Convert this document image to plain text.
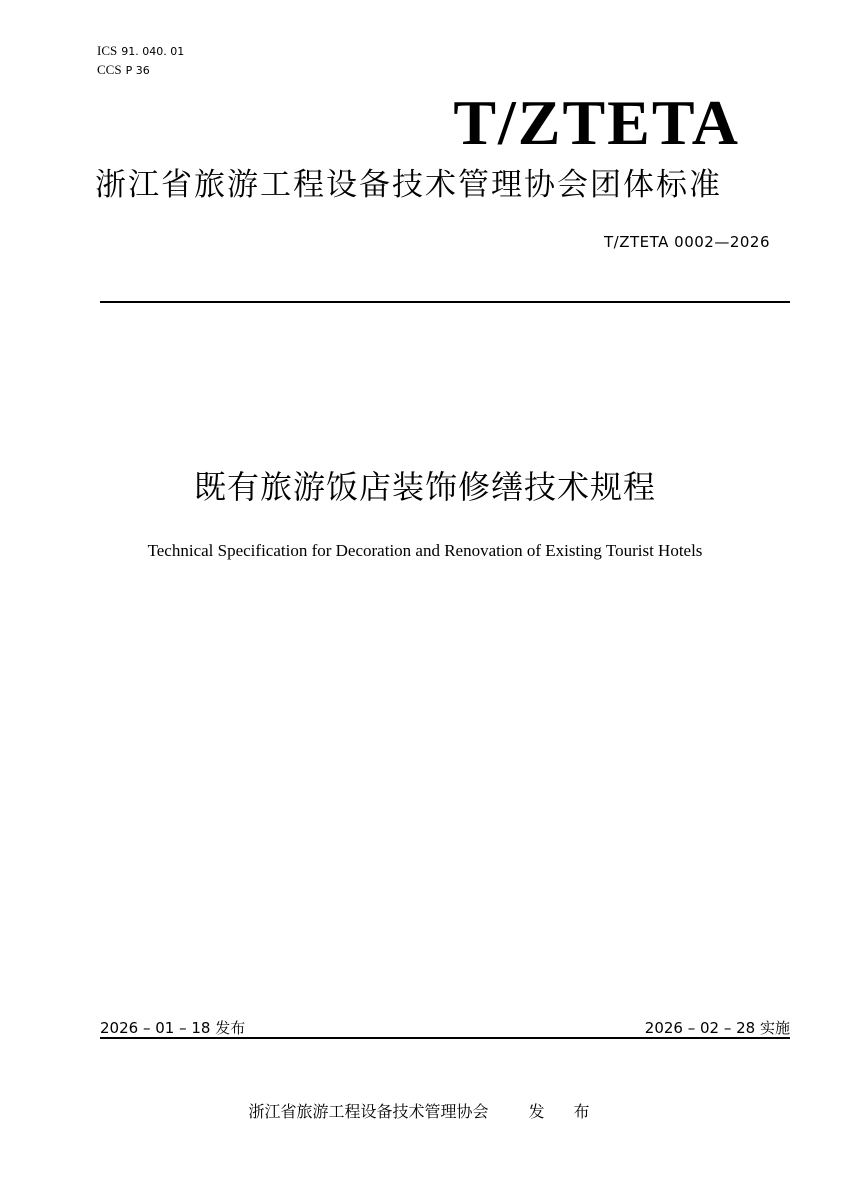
ICS 91. 040. 01
CCS P 36
T/ZTETA
浙江省旅游工程设备技术管理协会团体标准
T/ZTETA 0002—2026
既有旅游饭店装饰修缮技术规程
Technical Specification for Decoration and Renovation of Existing Tourist Hotels
2026 – 01 – 18 发布	2026 – 02 – 28 实施
浙江省旅游工程设备技术管理协会	发 布
